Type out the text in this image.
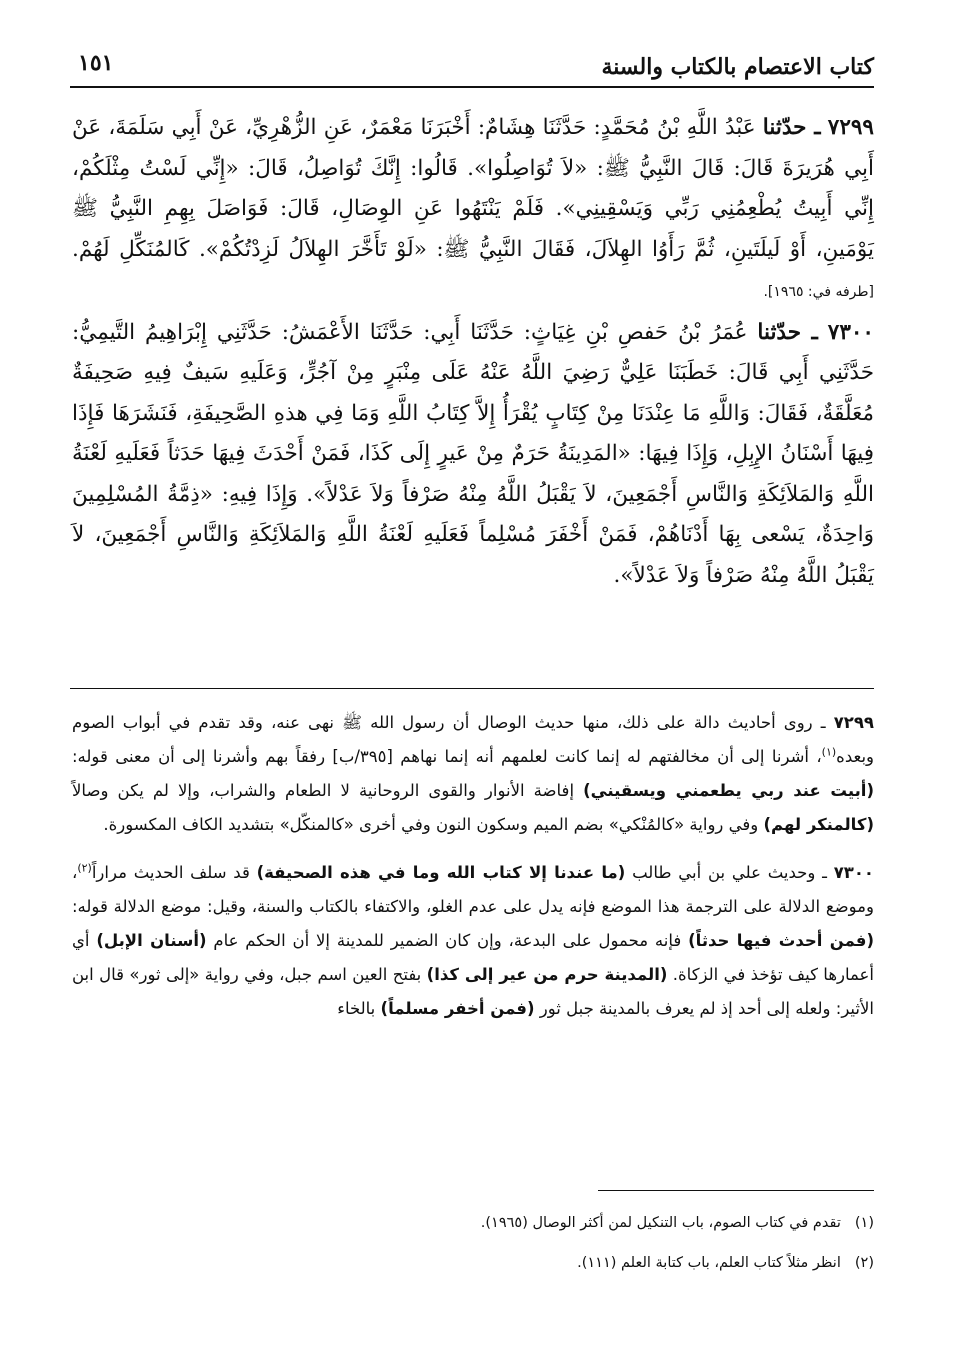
كتاب الاعتصام بالكتاب والسنة
١٥١

٧٢٩٩ ـ حدّثنا عَبْدُ اللَّهِ بْنُ مُحَمَّدٍ: حَدَّثَنَا هِشَامٌ: أَخْبَرَنَا مَعْمَرٌ، عَنِ الزُّهْرِيِّ، عَنْ أَبِي سَلَمَةَ، عَنْ أَبِي هُرَيرَةَ قَالَ: قَالَ النَّبِيُّ ﷺ: «لاَ تُوَاصِلُوا». قَالُوا: إِنَّكَ تُوَاصِلُ، قَالَ: «إِنِّي لَسْتُ مِثْلَكُمْ، إِنِّي أَبِيتُ يُطْعِمُنِي رَبِّي وَيَسْقِينِي». فَلَمْ يَنْتَهُوا عَنِ الوِصَالِ، قَالَ: فَوَاصَلَ بِهِمِ النَّبِيُّ ﷺ يَوْمَينِ، أَوْ لَيلَتَينِ، ثُمَّ رَأَوُا الهِلاَلَ، فَقَالَ النَّبِيُّ ﷺ: «لَوْ تَأَخَّرَ الهِلاَلُ لَزِدْتُكُمْ». كَالمُنَكِّلِ لَهُمْ. [طرفه في: ١٩٦٥].

٧٣٠٠ ـ حدّثنا عُمَرُ بْنُ حَفصِ بْنِ غِيَاثٍ: حَدَّثَنَا أَبِي: حَدَّثَنَا الأَعْمَشُ: حَدَّثَنِي إِبْرَاهِيمُ التَّيمِيُّ: حَدَّثَنِي أَبِي قَالَ: خَطَبَنَا عَلِيٌّ رَضِيَ اللَّهُ عَنْهُ عَلَى مِنْبَرٍ مِنْ آجُرٍّ، وَعَلَيهِ سَيفٌ فِيهِ صَحِيفَةٌ مُعَلَّقَةٌ، فَقَالَ: وَاللَّهِ مَا عِنْدَنَا مِنْ كِتَابٍ يُقْرَأُ إِلاَّ كِتَابُ اللَّهِ وَمَا فِي هذهِ الصَّحِيفَةِ، فَنَشَرَهَا فَإِذَا فِيهَا أَسْنَانُ الإِبِلِ، وَإِذَا فِيهَا: «المَدِينَةُ حَرَمٌ مِنْ عَيرٍ إِلَى كَذَا، فَمَنْ أَحْدَثَ فِيهَا حَدَثاً فَعَلَيهِ لَعْنَةُ اللَّهِ وَالمَلاَئِكَةِ وَالنَّاسِ أَجْمَعِينَ، لاَ يَقْبَلُ اللَّهُ مِنْهُ صَرْفاً وَلاَ عَدْلاً». وَإِذَا فِيهِ: «ذِمَّةُ المُسْلِمِينَ وَاحِدَةٌ، يَسْعى بِهَا أَدْنَاهُمْ، فَمَنْ أَخْفَرَ مُسْلِماً فَعَلَيهِ لَعْنَةُ اللَّهِ وَالمَلاَئِكَةِ وَالنَّاسِ أَجْمَعِينَ، لاَ يَقْبَلُ اللَّهُ مِنْهُ صَرْفاً وَلاَ عَدْلاً».

٧٢٩٩ ـ روى أحاديث دالة على ذلك، منها حديث الوصال أن رسول الله ﷺ نهى عنه، وقد تقدم في أبواب الصوم وبعده$^{(١)}$، أشرنا إلى أن مخالفتهم له إنما كانت لعلمهم أنه إنما نهاهم [٣٩٥/ب] رفقاً بهم وأشرنا إلى أن معنى قوله: (أبيت عند ربي يطعمني ويسقيني) إفاضة الأنوار والقوى الروحانية لا الطعام والشراب، وإلا لم يكن وصالاً (كالمنكر لهم) وفي رواية «كالمُنْكي» بضم الميم وسكون النون وفي أخرى «كالمنكّل» بتشديد الكاف المكسورة.

٧٣٠٠ ـ وحديث علي بن أبي طالب (ما عندنا إلا كتاب الله وما في هذه الصحيفة) قد سلف الحديث مراراً$^{(٢)}$، وموضع الدلالة على الترجمة هذا الموضع فإنه يدل على عدم الغلو، والاكتفاء بالكتاب والسنة، وقيل: موضع الدلالة قوله: (فمن أحدث فيها حدثاً) فإنه محمول على البدعة، وإن كان الضمير للمدينة إلا أن الحكم عام (أسنان الإبل) أي أعمارها كيف تؤخذ في الزكاة. (المدينة حرم من عير إلى كذا) بفتح العين اسم جبل، وفي رواية «إلى ثور» قال ابن الأثير: ولعله إلى أحد إذ لم يعرف بالمدينة جبل ثور (فمن أخفر مسلماً) بالخاء

(١)تقدم في كتاب الصوم، باب التنكيل لمن أكثر الوصال (١٩٦٥).

(٢)انظر مثلاً كتاب العلم، باب كتابة العلم (١١١).
